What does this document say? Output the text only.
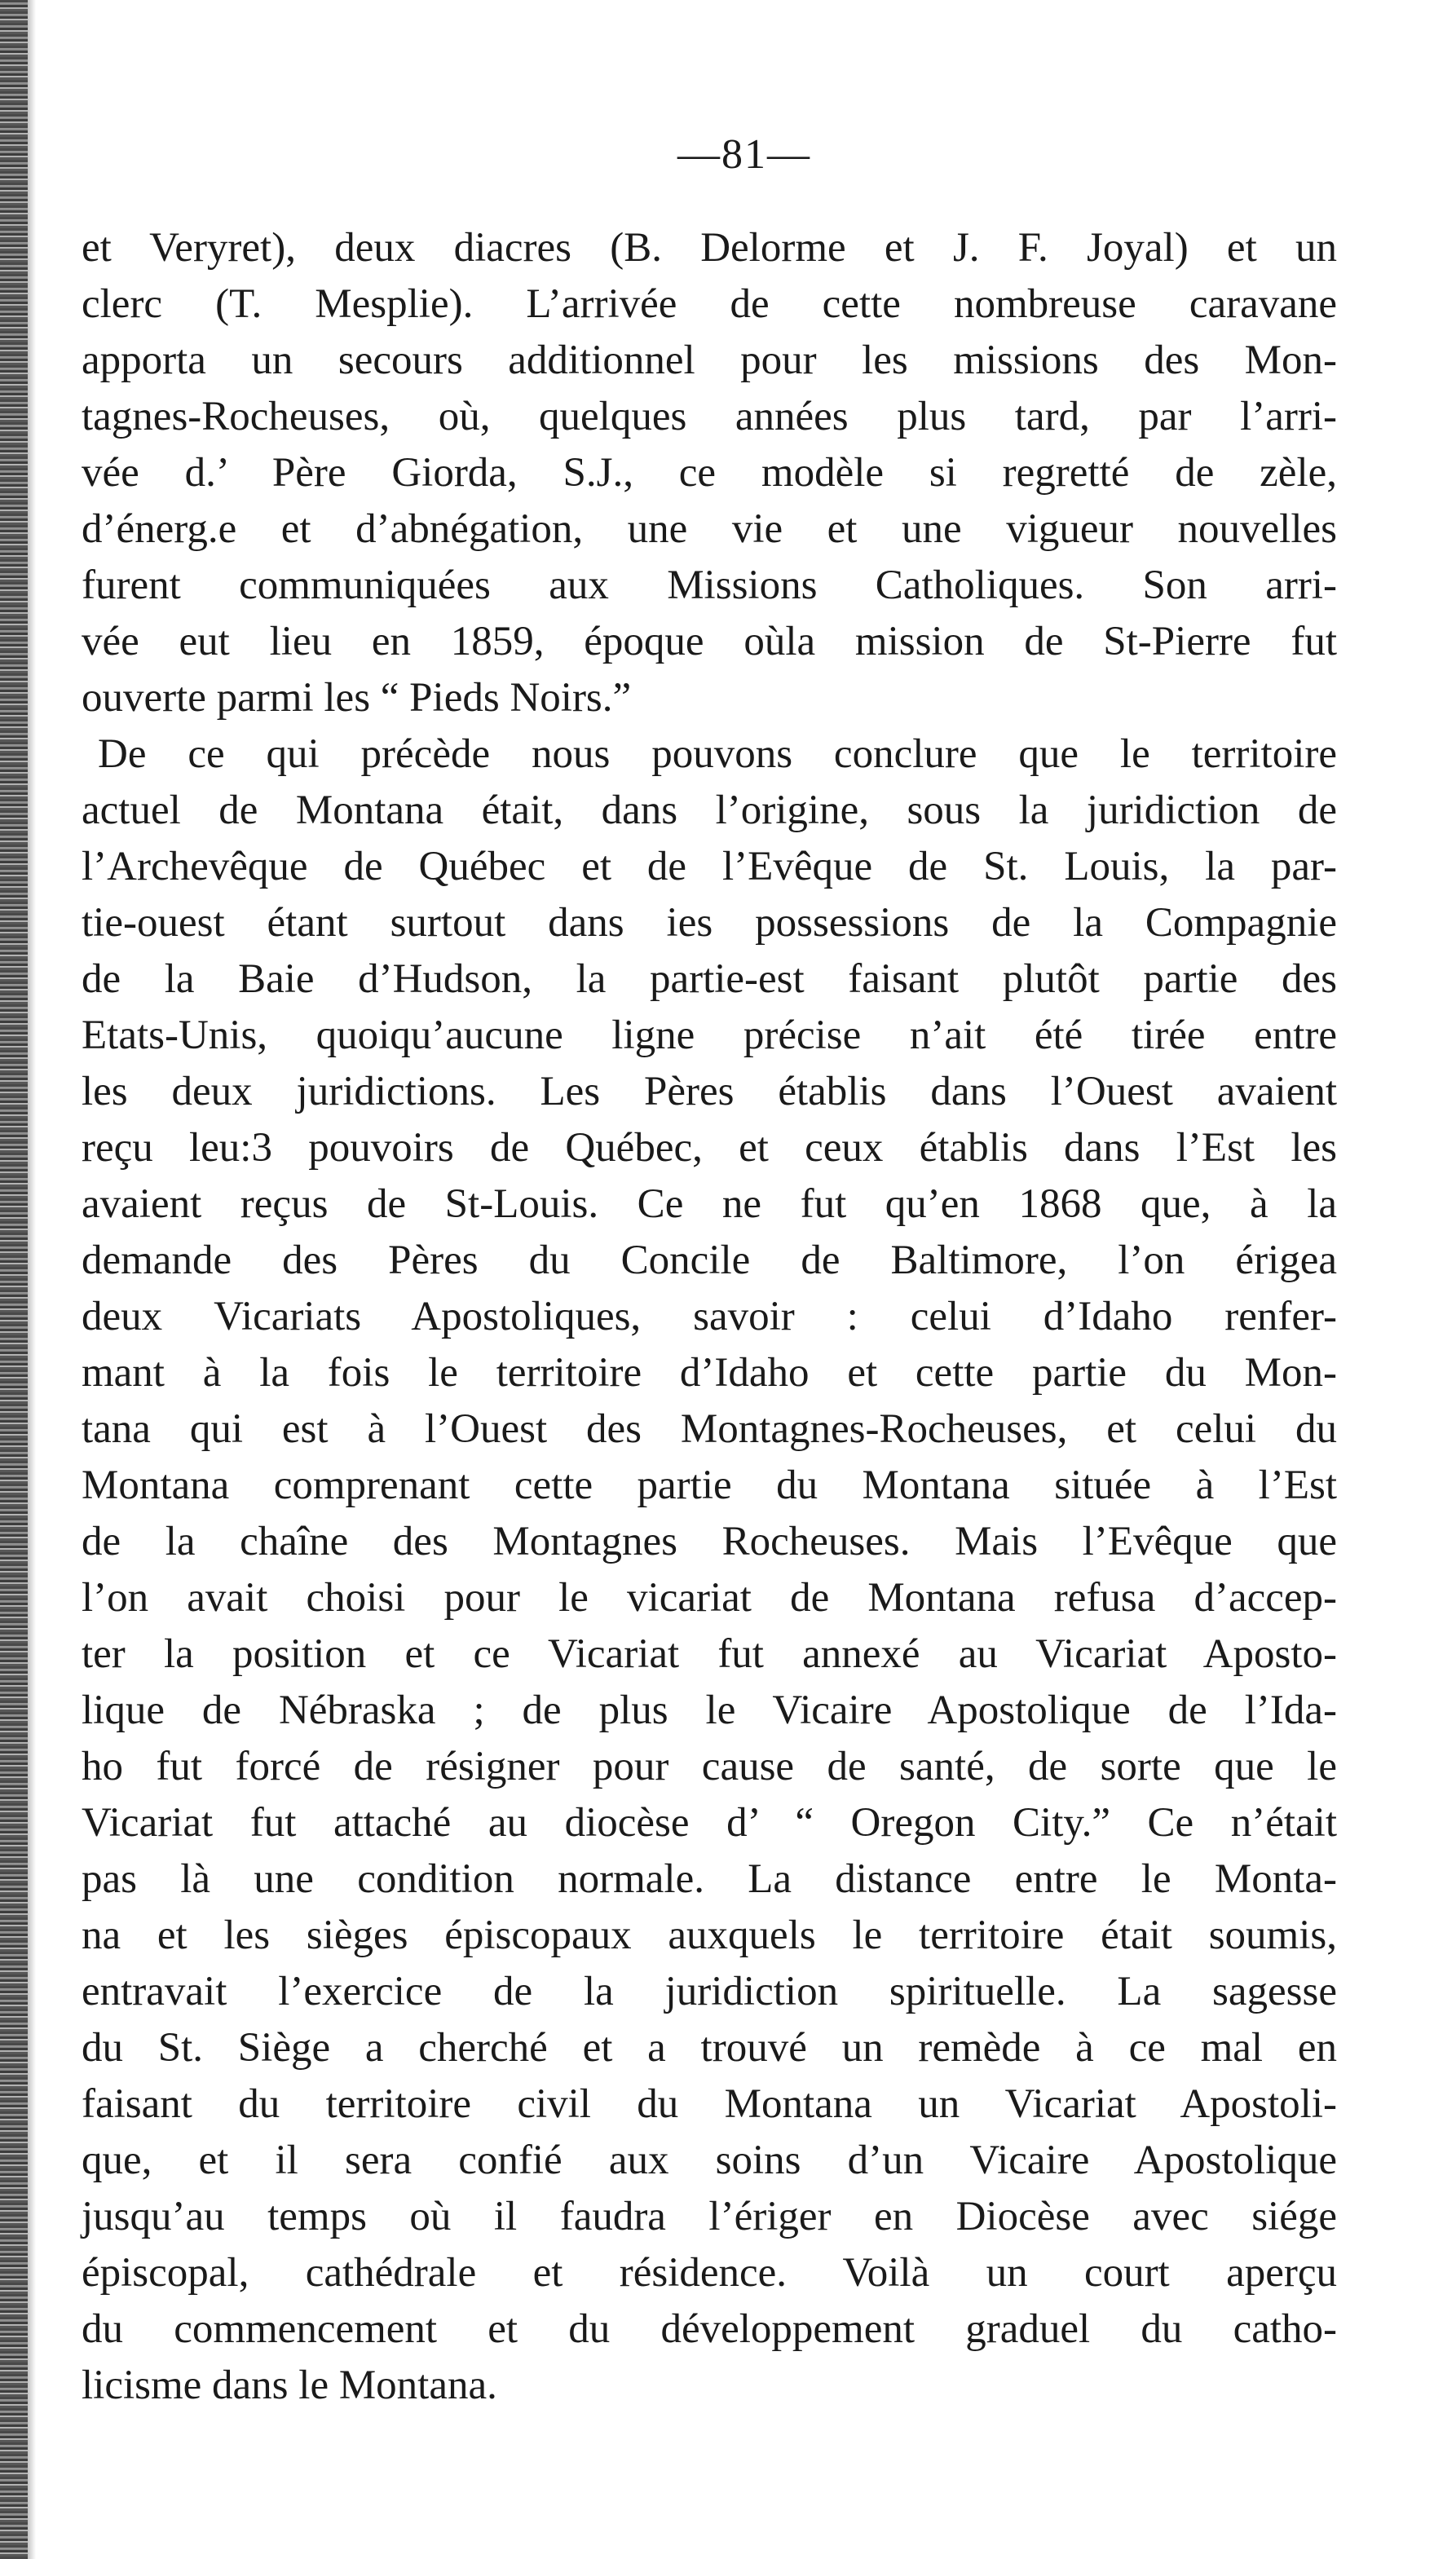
—81—
et Veryret), deux diacres (B. Delorme et J. F. Joyal) et un
clerc (T. Mesplie). L’arrivée de cette nombreuse caravane
apporta un secours additionnel pour les missions des Mon-
tagnes-Rocheuses, où, quelques années plus tard, par l’arri-
vée d.’ Père Giorda, S.J., ce modèle si regretté de zèle,
d’énerg.e et d’abnégation, une vie et une vigueur nouvelles
furent communiquées aux Missions Catholiques. Son arri-
vée eut lieu en 1859, époque oùla mission de St-Pierre fut
ouverte parmi les “ Pieds Noirs.”
De ce qui précède nous pouvons conclure que le territoire
actuel de Montana était, dans l’origine, sous la juridiction de
l’Archevêque de Québec et de l’Evêque de St. Louis, la par-
tie-ouest étant surtout dans ies possessions de la Compagnie
de la Baie d’Hudson, la partie-est faisant plutôt partie des
Etats-Unis, quoiqu’aucune ligne précise n’ait été tirée entre
les deux juridictions. Les Pères établis dans l’Ouest avaient
reçu leu:3 pouvoirs de Québec, et ceux établis dans l’Est les
avaient reçus de St-Louis. Ce ne fut qu’en 1868 que, à la
demande des Pères du Concile de Baltimore, l’on érigea
deux Vicariats Apostoliques, savoir : celui d’Idaho renfer-
mant à la fois le territoire d’Idaho et cette partie du Mon-
tana qui est à l’Ouest des Montagnes-Rocheuses, et celui du
Montana comprenant cette partie du Montana située à l’Est
de la chaîne des Montagnes Rocheuses. Mais l’Evêque que
l’on avait choisi pour le vicariat de Montana refusa d’accep-
ter la position et ce Vicariat fut annexé au Vicariat Aposto-
lique de Nébraska ; de plus le Vicaire Apostolique de l’Ida-
ho fut forcé de résigner pour cause de santé, de sorte que le
Vicariat fut attaché au diocèse d’ “ Oregon City.” Ce n’était
pas là une condition normale. La distance entre le Monta-
na et les sièges épiscopaux auxquels le territoire était soumis,
entravait l’exercice de la juridiction spirituelle. La sagesse
du St. Siège a cherché et a trouvé un remède à ce mal en
faisant du territoire civil du Montana un Vicariat Apostoli-
que, et il sera confié aux soins d’un Vicaire Apostolique
jusqu’au temps où il faudra l’ériger en Diocèse avec siége
épiscopal, cathédrale et résidence. Voilà un court aperçu
du commencement et du développement graduel du catho-
licisme dans le Montana.
